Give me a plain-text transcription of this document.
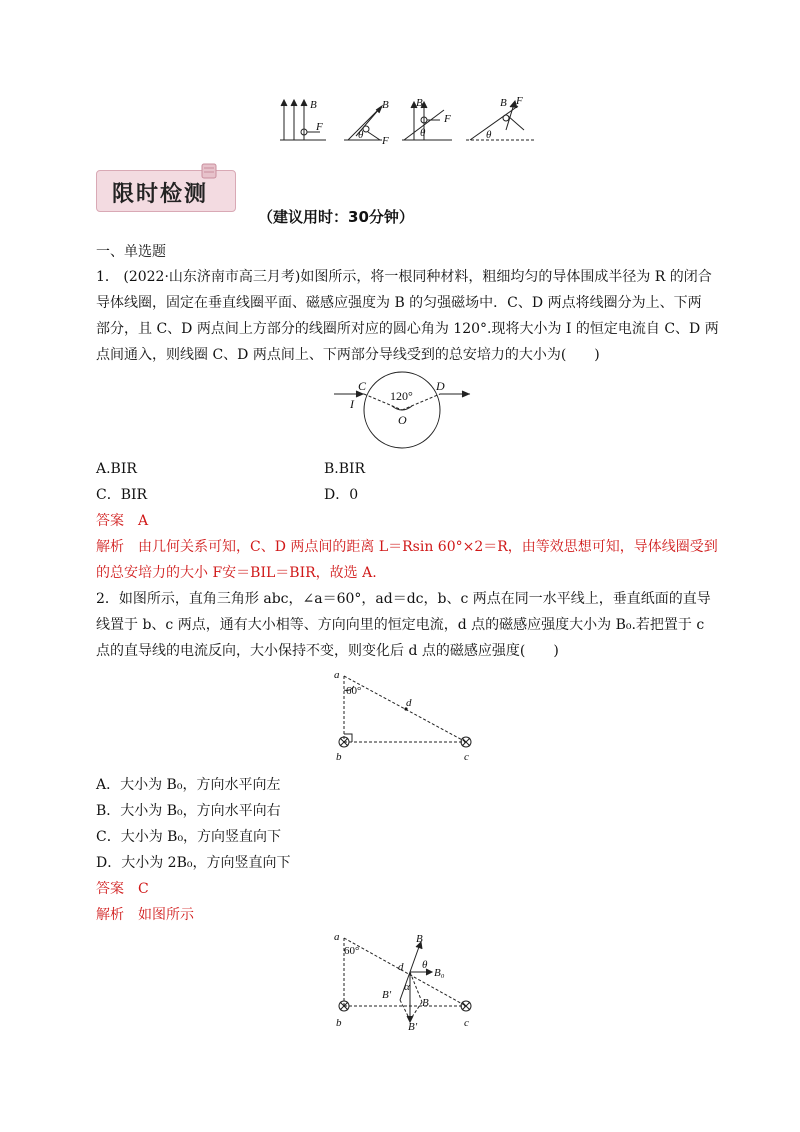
B
F
B
θ F
B
θ
F
B F
θ
限时检测
（建议用时：30分钟）
一、单选题
1． (2022·山东济南市高三月考)如图所示，将一根同种材料，粗细均匀的导体围成半径为 R 的闭合
导体线圈，固定在垂直线圈平面、磁感应强度为 B 的匀强磁场中．C、D 两点将线圈分为上、下两
部分，且 C、D 两点间上方部分的线圈所对应的圆心角为 120°.现将大小为 I 的恒定电流自 C、D 两
点间通入，则线圈 C、D 两点间上、下两部分导线受到的总安培力的大小为(　　)
C	D
I
120°
O
A.BIR	B.BIR
C．BIR	D．0
答案　A
解析　由几何关系可知，C、D 两点间的距离 L＝Rsin 60°×2＝R，由等效思想可知，导体线圈受到
的总安培力的大小 F安＝BIL＝BIR，故选 A.
2．如图所示，直角三角形 abc，∠a＝60°，ad＝dc，b、c 两点在同一水平线上，垂直纸面的直导
线置于 b、c 两点，通有大小相等、方向向里的恒定电流，d 点的磁感应强度大小为 B₀.若把置于 c
点的直导线的电流反向，大小保持不变，则变化后 d 点的磁感应强度(　　)
a
60°
d
b	c
A．大小为 B₀，方向水平向左
B．大小为 B₀，方向水平向右
C．大小为 B₀，方向竖直向下
D．大小为 2B₀，方向竖直向下
答案　C
解析　如图所示
a
60°
d
B
θ
B₀
B′
α
B
B′
b	c
